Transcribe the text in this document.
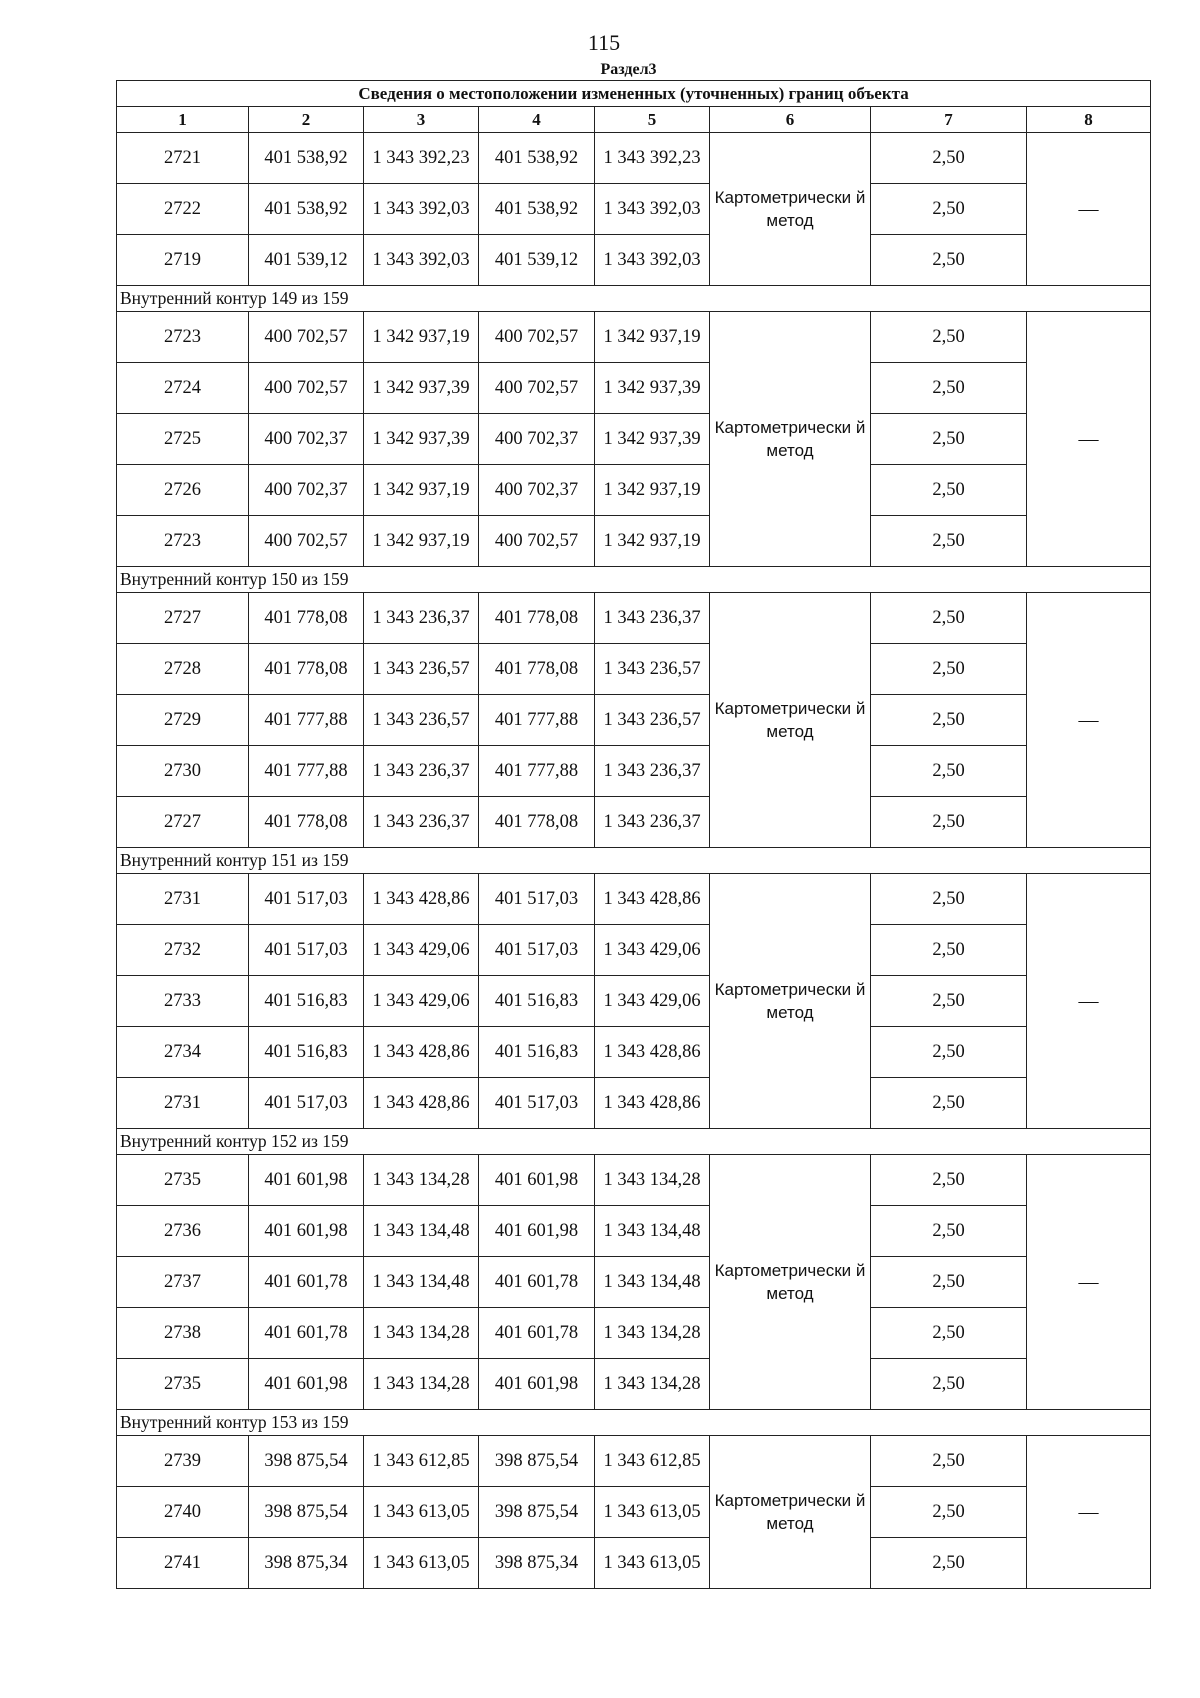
115
Раздел3
Сведения о местоположении измененных (уточненных) границ объекта							
1	2	3	4	5	6	7	8
2721	401 538,92	1 343 392,23	401 538,92	1 343 392,23	Картометрически й метод	2,50	—
2722	401 538,92	1 343 392,03	401 538,92	1 343 392,03		2,50	
2719	401 539,12	1 343 392,03	401 539,12	1 343 392,03		2,50	
Внутренний контур 149 из 159							
2723	400 702,57	1 342 937,19	400 702,57	1 342 937,19	Картометрически й метод	2,50	—
2724	400 702,57	1 342 937,39	400 702,57	1 342 937,39		2,50	
2725	400 702,37	1 342 937,39	400 702,37	1 342 937,39		2,50	
2726	400 702,37	1 342 937,19	400 702,37	1 342 937,19		2,50	
2723	400 702,57	1 342 937,19	400 702,57	1 342 937,19		2,50	
Внутренний контур 150 из 159							
2727	401 778,08	1 343 236,37	401 778,08	1 343 236,37	Картометрически й метод	2,50	—
2728	401 778,08	1 343 236,57	401 778,08	1 343 236,57		2,50	
2729	401 777,88	1 343 236,57	401 777,88	1 343 236,57		2,50	
2730	401 777,88	1 343 236,37	401 777,88	1 343 236,37		2,50	
2727	401 778,08	1 343 236,37	401 778,08	1 343 236,37		2,50	
Внутренний контур 151 из 159							
2731	401 517,03	1 343 428,86	401 517,03	1 343 428,86	Картометрически й метод	2,50	—
2732	401 517,03	1 343 429,06	401 517,03	1 343 429,06		2,50	
2733	401 516,83	1 343 429,06	401 516,83	1 343 429,06		2,50	
2734	401 516,83	1 343 428,86	401 516,83	1 343 428,86		2,50	
2731	401 517,03	1 343 428,86	401 517,03	1 343 428,86		2,50	
Внутренний контур 152 из 159							
2735	401 601,98	1 343 134,28	401 601,98	1 343 134,28	Картометрически й метод	2,50	—
2736	401 601,98	1 343 134,48	401 601,98	1 343 134,48		2,50	
2737	401 601,78	1 343 134,48	401 601,78	1 343 134,48		2,50	
2738	401 601,78	1 343 134,28	401 601,78	1 343 134,28		2,50	
2735	401 601,98	1 343 134,28	401 601,98	1 343 134,28		2,50	
Внутренний контур 153 из 159							
2739	398 875,54	1 343 612,85	398 875,54	1 343 612,85	Картометрически й метод	2,50	—
2740	398 875,54	1 343 613,05	398 875,54	1 343 613,05		2,50	
2741	398 875,34	1 343 613,05	398 875,34	1 343 613,05		2,50	
